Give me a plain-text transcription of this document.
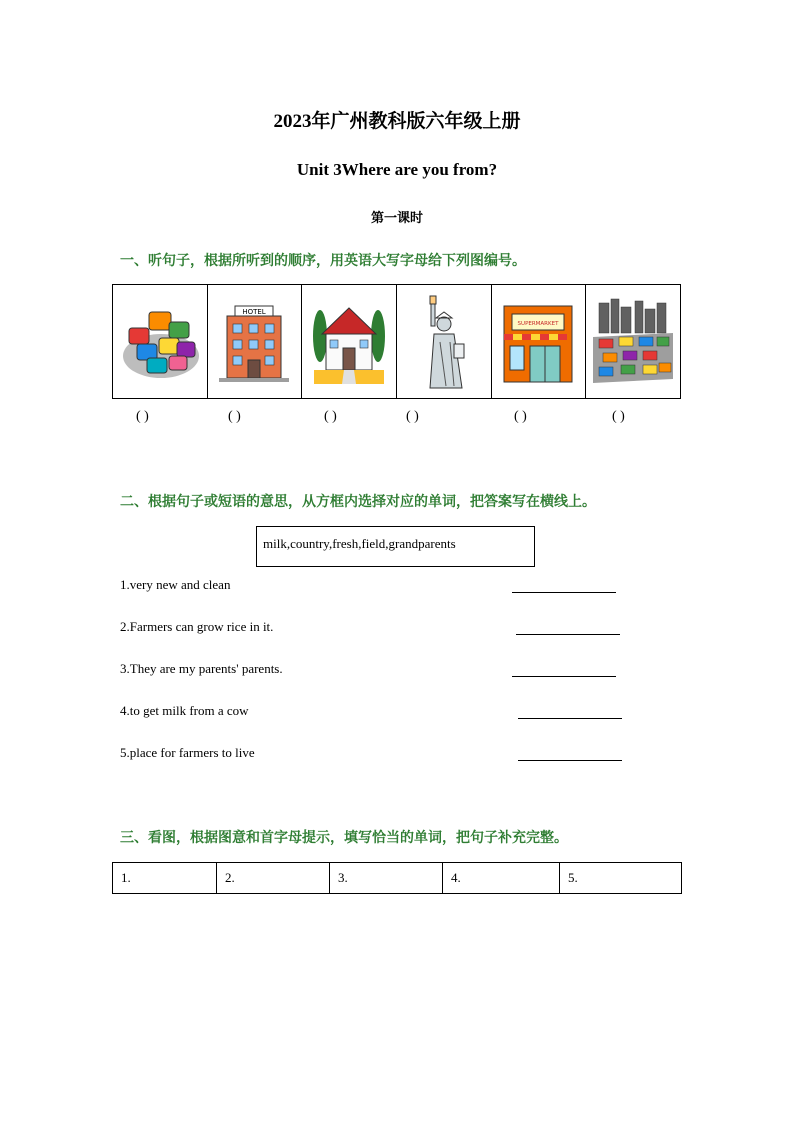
2023年广州教科版六年级上册
Unit 3Where are you from?
第一课时
一、听句子，根据所听到的顺序，用英语大写字母给下列图编号。

HOTEL

SUPERMARKET

( )	( )	( )	( )	( )	( )
二、根据句子或短语的意思，从方框内选择对应的单词，把答案写在横线上。
milk,country,fresh,field,grandparents
1.very new and clean
2.Farmers can grow rice in it.
3.They are my parents' parents.
4.to get milk from a cow
5.place for farmers to live
三、看图，根据图意和首字母提示，填写恰当的单词，把句子补充完整。
1.	2.	3.	4.	5.
